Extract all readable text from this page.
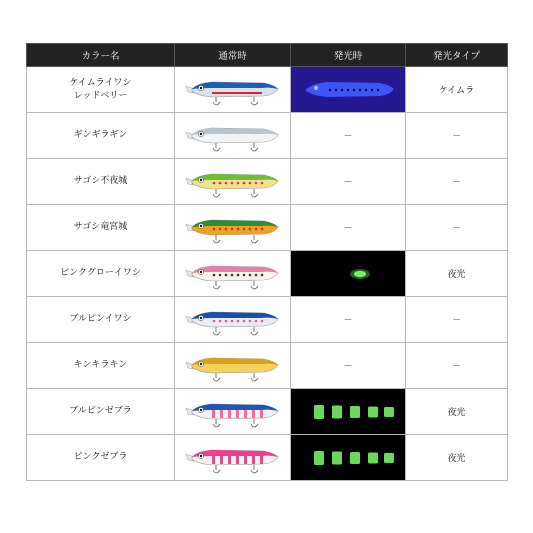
カラー名	通常時	発光時	発光タイプ

ケイムライワシ
レッドベリー			ケイムラ

ギンギラギン		－	－

サゴシ不夜城		－	－

サゴシ竜宮城		－	－

ピンクグローイワシ			夜光

ブルピンイワシ		－	－

キンキラキン		－	－

ブルピンゼブラ			夜光

ピンクゼブラ			夜光
